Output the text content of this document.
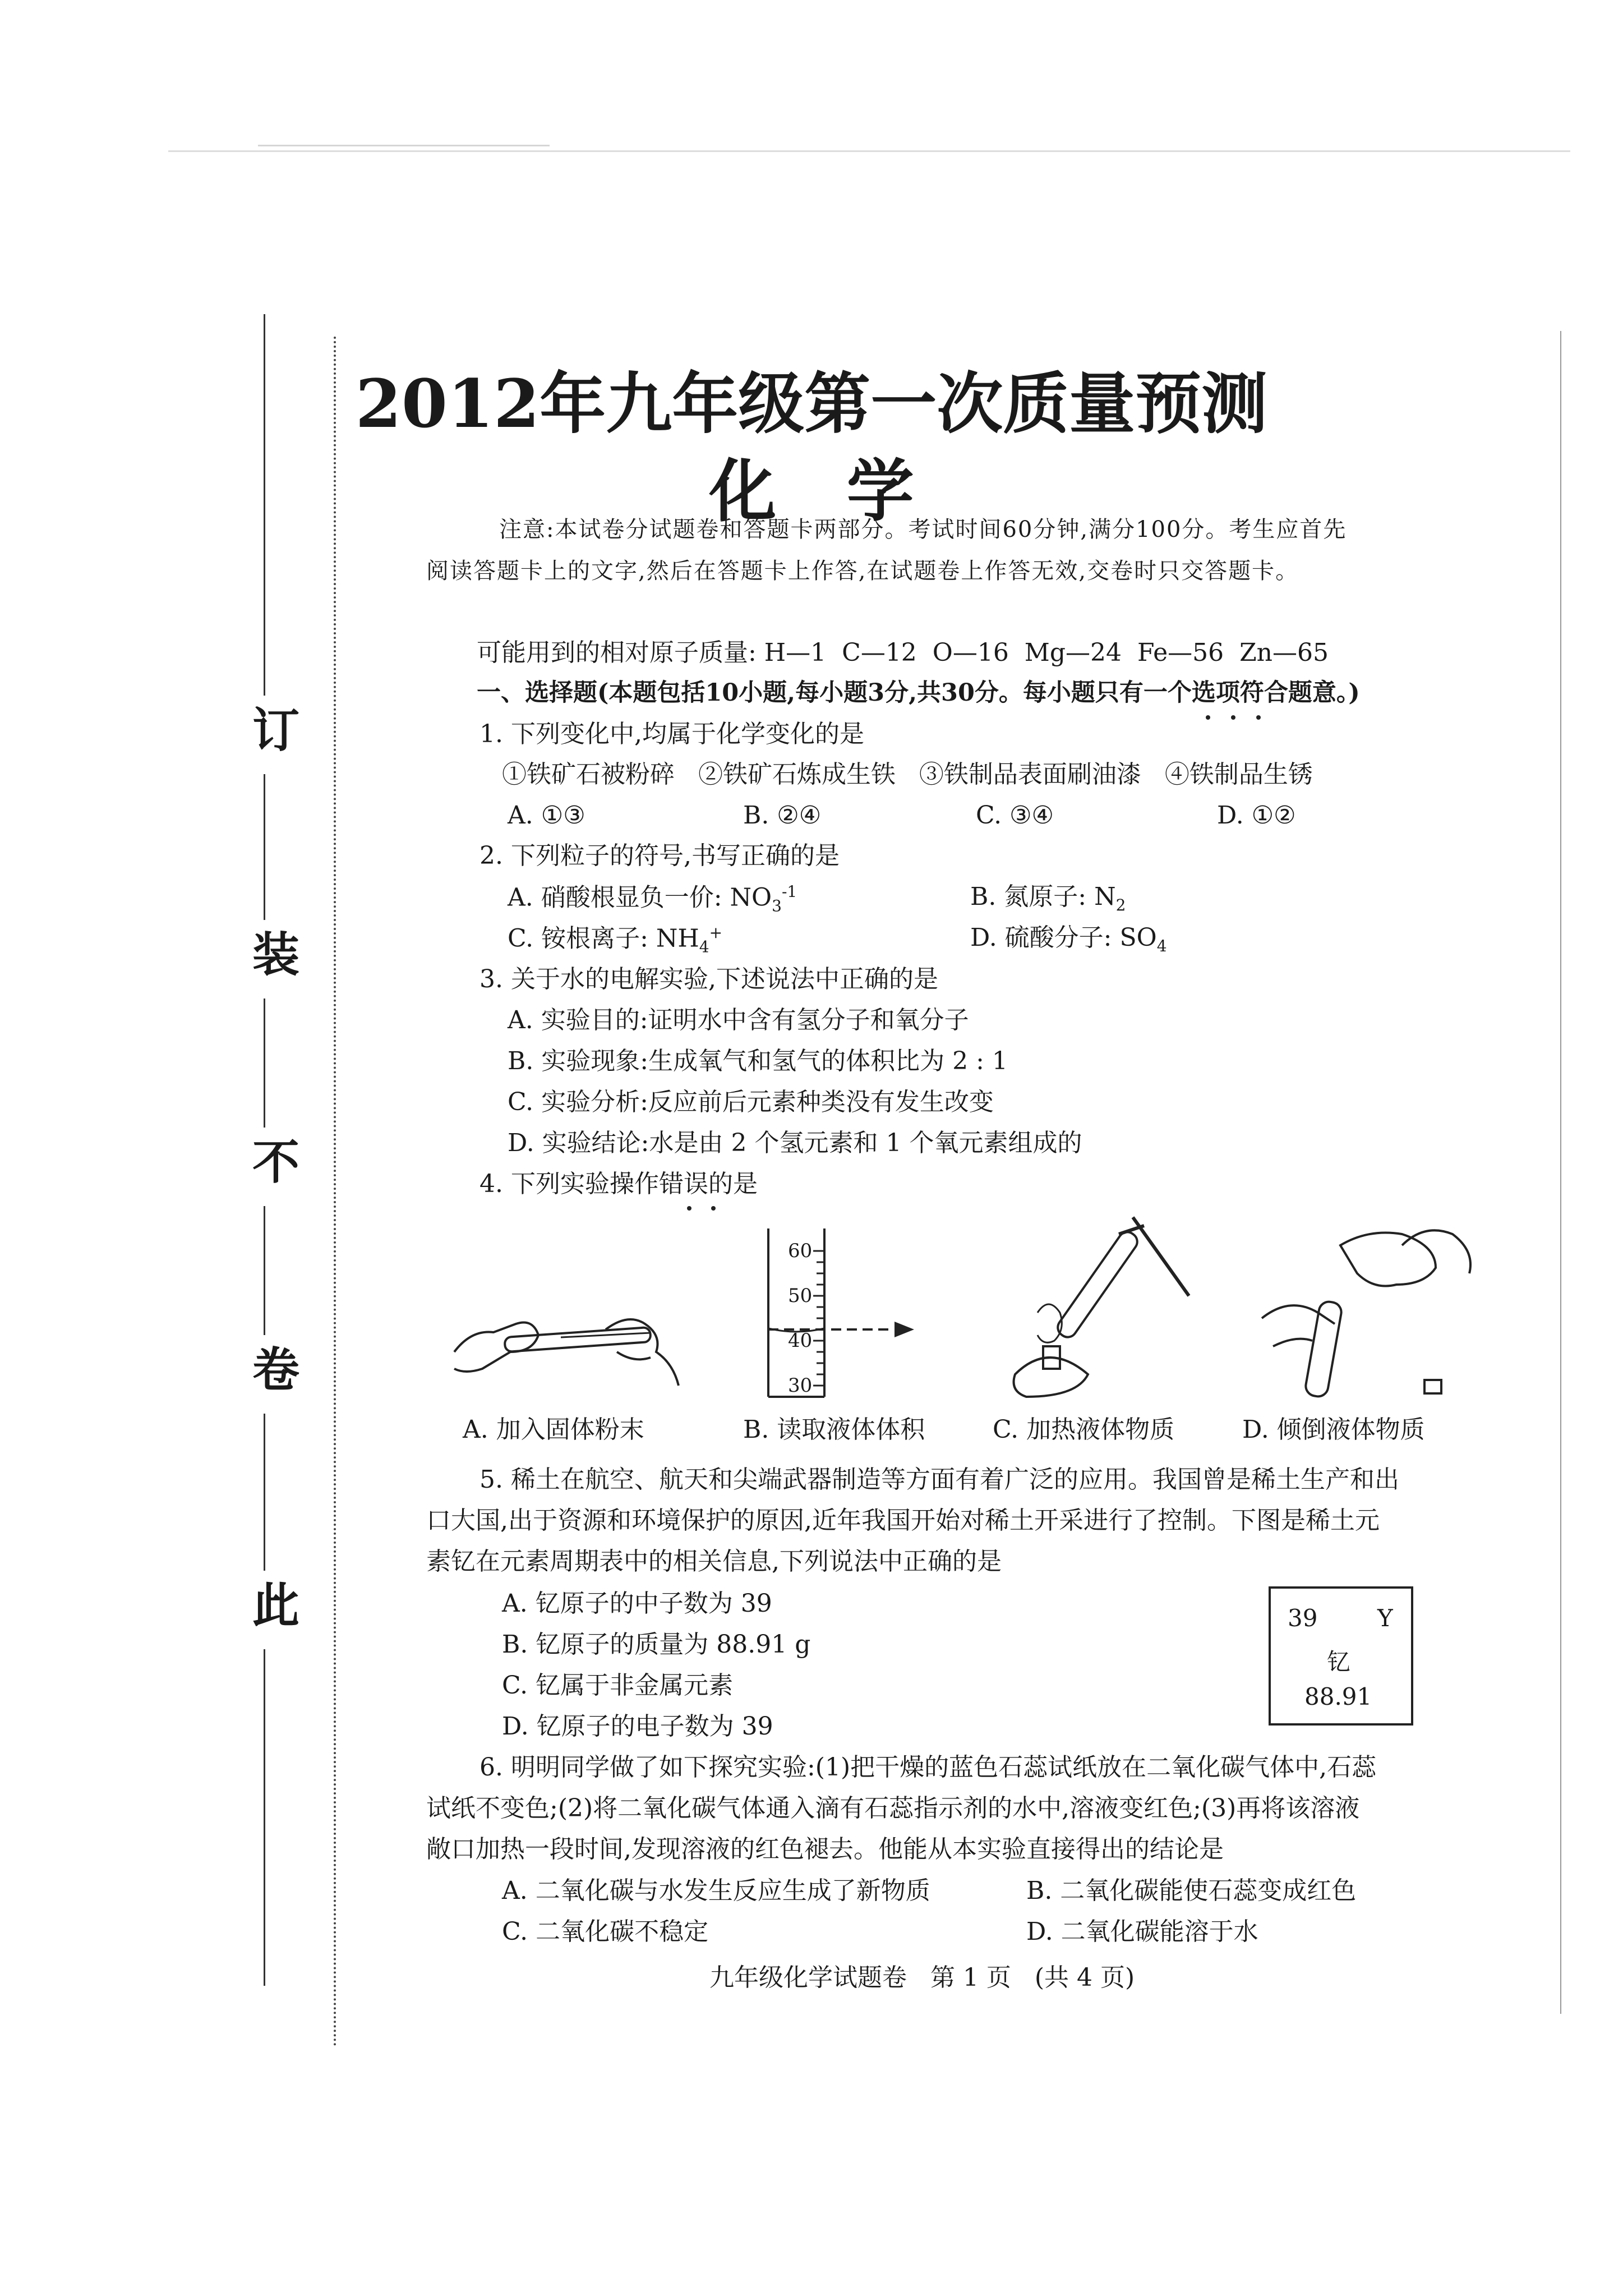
订
装
不
卷
此
2012年九年级第一次质量预测
化   学
注意:本试卷分试题卷和答题卡两部分。考试时间60分钟,满分100分。考生应首先
阅读答题卡上的文字,然后在答题卡上作答,在试题卷上作答无效,交卷时只交答题卡。
可能用到的相对原子质量: H—1  C—12  O—16  Mg—24  Fe—56  Zn—65
一、选择题(本题包括10小题,每小题3分,共30分。每小题只有一个选项符合题意。)
1. 下列变化中,均属于化学变化的是
①铁矿石被粉碎   ②铁矿石炼成生铁   ③铁制品表面刷油漆   ④铁制品生锈
A. ①③	B. ②④	C. ③④	D. ①②
2. 下列粒子的符号,书写正确的是
A. 硝酸根显负一价: $NO_3^{-1}$	B. 氮原子: $N_2$
C. 铵根离子: $NH_4^+$	D. 硫酸分子: $SO_4$
3. 关于水的电解实验,下述说法中正确的是
A. 实验目的:证明水中含有氢分子和氧分子
B. 实验现象:生成氧气和氢气的体积比为 2 : 1
C. 实验分析:反应前后元素种类没有发生改变
D. 实验结论:水是由 2 个氢元素和 1 个氧元素组成的
4. 下列实验操作错误的是
60
50
40
30
A. 加入固体粉末	B. 读取液体体积	C. 加热液体物质	D. 倾倒液体物质
5. 稀土在航空、航天和尖端武器制造等方面有着广泛的应用。我国曾是稀土生产和出
口大国,出于资源和环境保护的原因,近年我国开始对稀土开采进行了控制。下图是稀土元
素钇在元素周期表中的相关信息,下列说法中正确的是
A. 钇原子的中子数为 39
B. 钇原子的质量为 88.91 g
C. 钇属于非金属元素
D. 钇原子的电子数为 39
39	Y
钇
88.91
6. 明明同学做了如下探究实验:(1)把干燥的蓝色石蕊试纸放在二氧化碳气体中,石蕊
试纸不变色;(2)将二氧化碳气体通入滴有石蕊指示剂的水中,溶液变红色;(3)再将该溶液
敞口加热一段时间,发现溶液的红色褪去。他能从本实验直接得出的结论是
A. 二氧化碳与水发生反应生成了新物质	B. 二氧化碳能使石蕊变成红色
C. 二氧化碳不稳定	D. 二氧化碳能溶于水
九年级化学试题卷   第 1 页   (共 4 页)
